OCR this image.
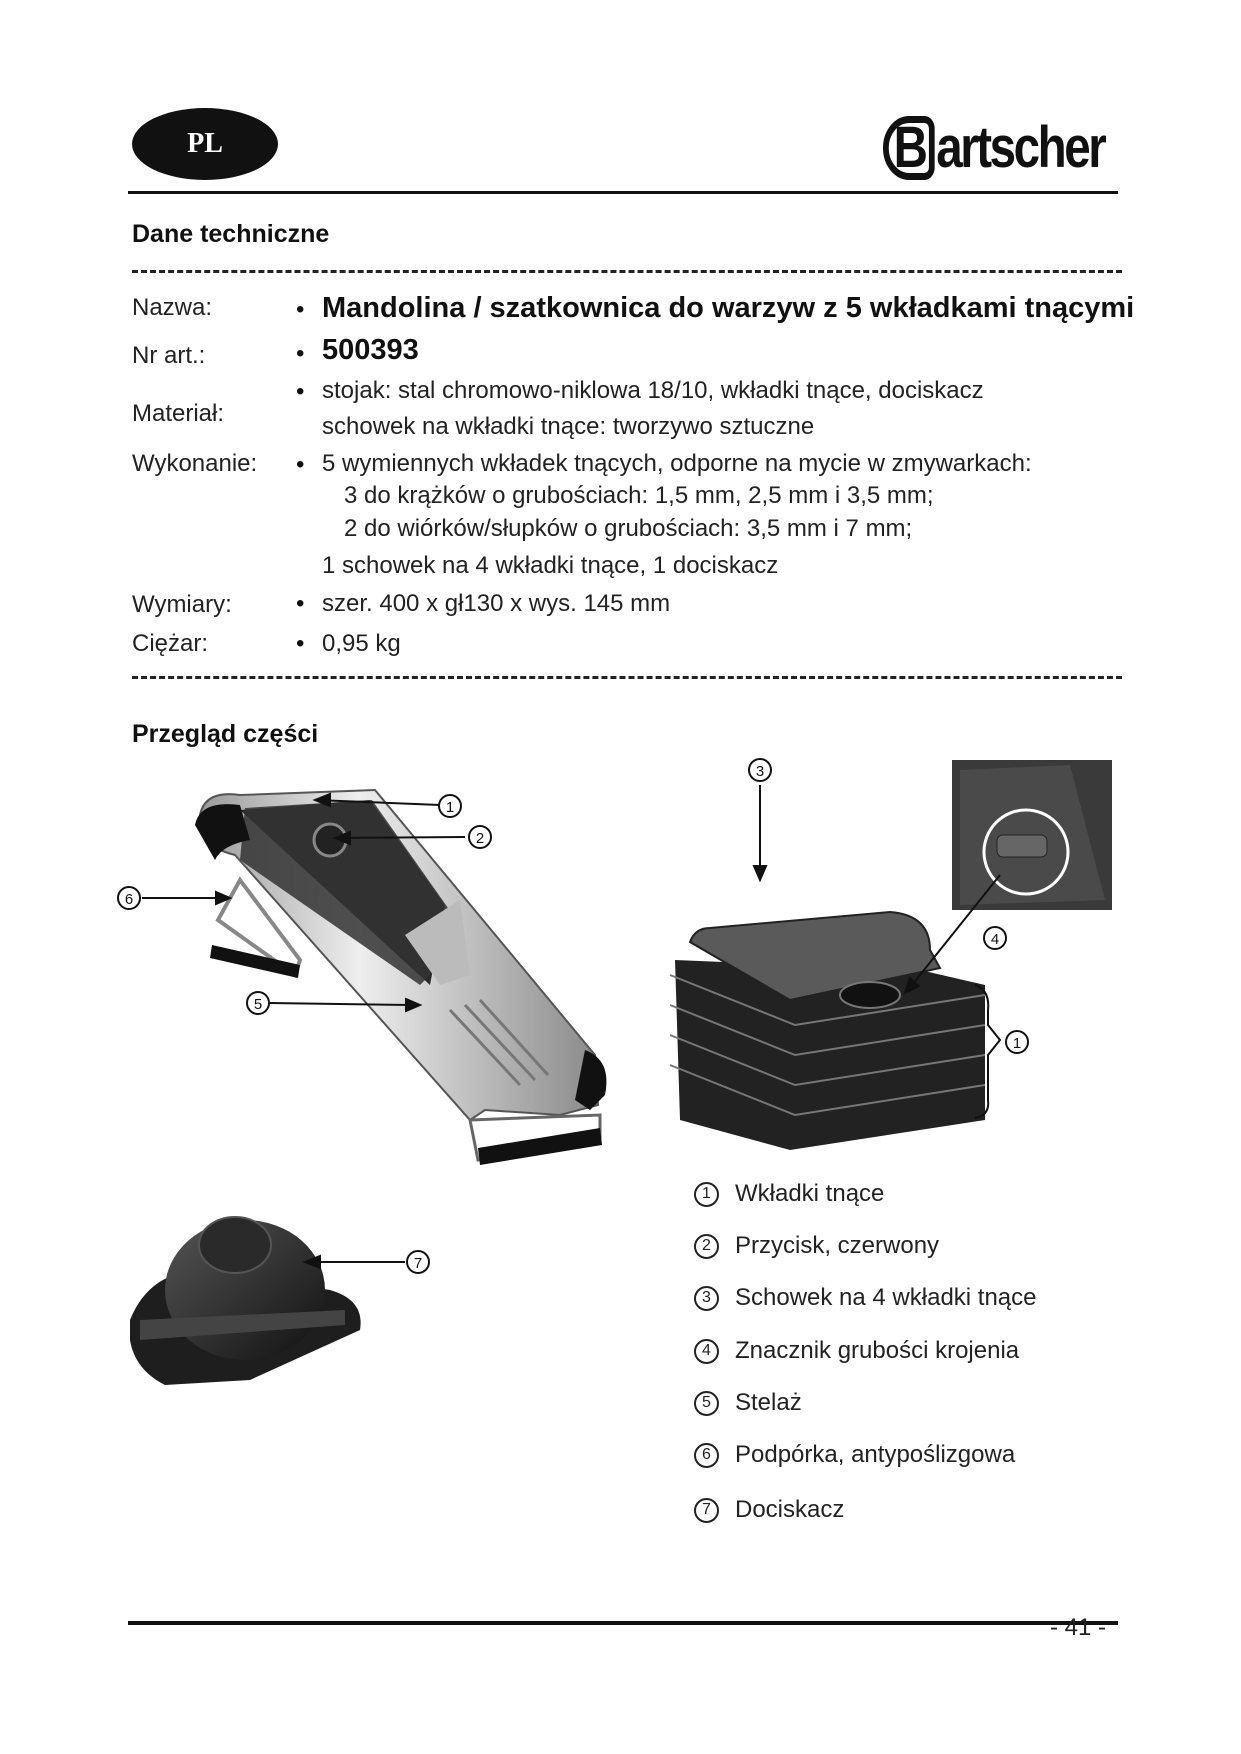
PL	B artscher
Dane techniczne
Nazwa:	• Mandolina / szatkownica do warzyw z 5 wkładkami tnącymi
Nr art.:	• 500393
Materiał:
• stojak: stal chromowo-niklowa 18/10, wkładki tnące, dociskacz
schowek na wkładki tnące: tworzywo sztuczne
Wykonanie: • 5 wymiennych wkładek tnących, odporne na mycie w zmywarkach:
3 do krążków o grubościach: 1,5 mm, 2,5 mm i 3,5 mm;
2 do wiórków/słupków o grubościach: 3,5 mm i 7 mm;
1 schowek na 4 wkładki tnące, 1 dociskacz
Wymiary:	• szer. 400 x gł130 x wys. 145 mm
Ciężar:	• 0,95 kg
Przegląd części
1
2
6
5
3
4
1
7
1	Wkładki tnące
2	Przycisk, czerwony
3	Schowek na 4 wkładki tnące
4	Znacznik grubości krojenia
5	Stelaż
6	Podpórka, antypoślizgowa
7	Dociskacz
- 41 -
